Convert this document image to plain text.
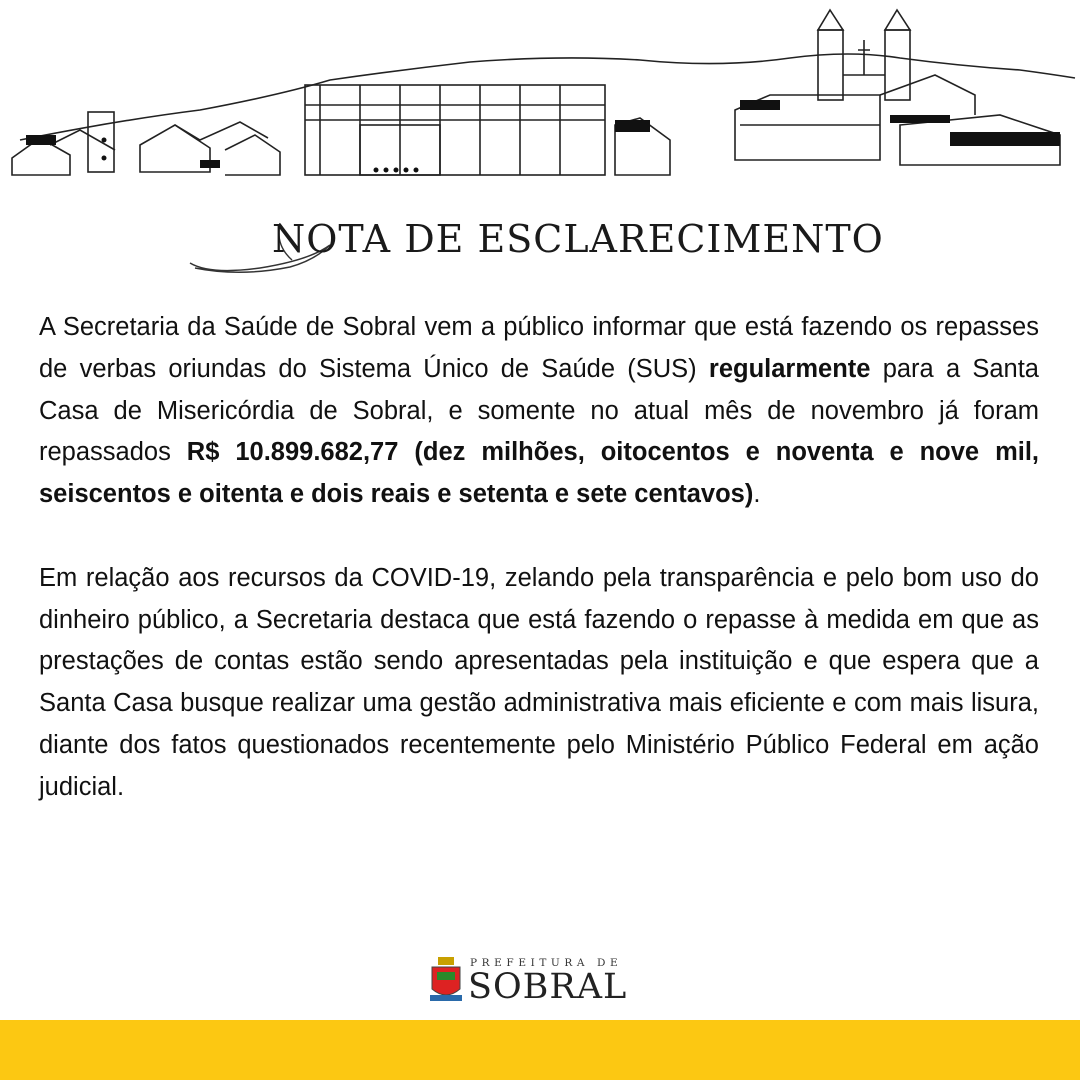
NOTA DE ESCLARECIMENTO

A Secretaria da Saúde de Sobral vem a público informar que está fazendo os repasses de verbas oriundas do Sistema Único de Saúde (SUS) regularmente para a Santa Casa de Misericórdia de Sobral, e somente no atual mês de novembro já foram repassados R$ 10.899.682,77 (dez milhões, oitocentos e noventa e nove mil, seiscentos e oitenta e dois reais e setenta e sete centavos).

Em relação aos recursos da COVID-19, zelando pela transparência e pelo bom uso do dinheiro público, a Secretaria destaca que está fazendo o repasse à medida em que as prestações de contas estão sendo apresentadas pela instituição e que espera que a Santa Casa busque realizar uma gestão administrativa mais eficiente e com mais lisura, diante dos fatos questionados recentemente pelo Ministério Público Federal em ação judicial.

PREFEITURA DE
SOBRAL
